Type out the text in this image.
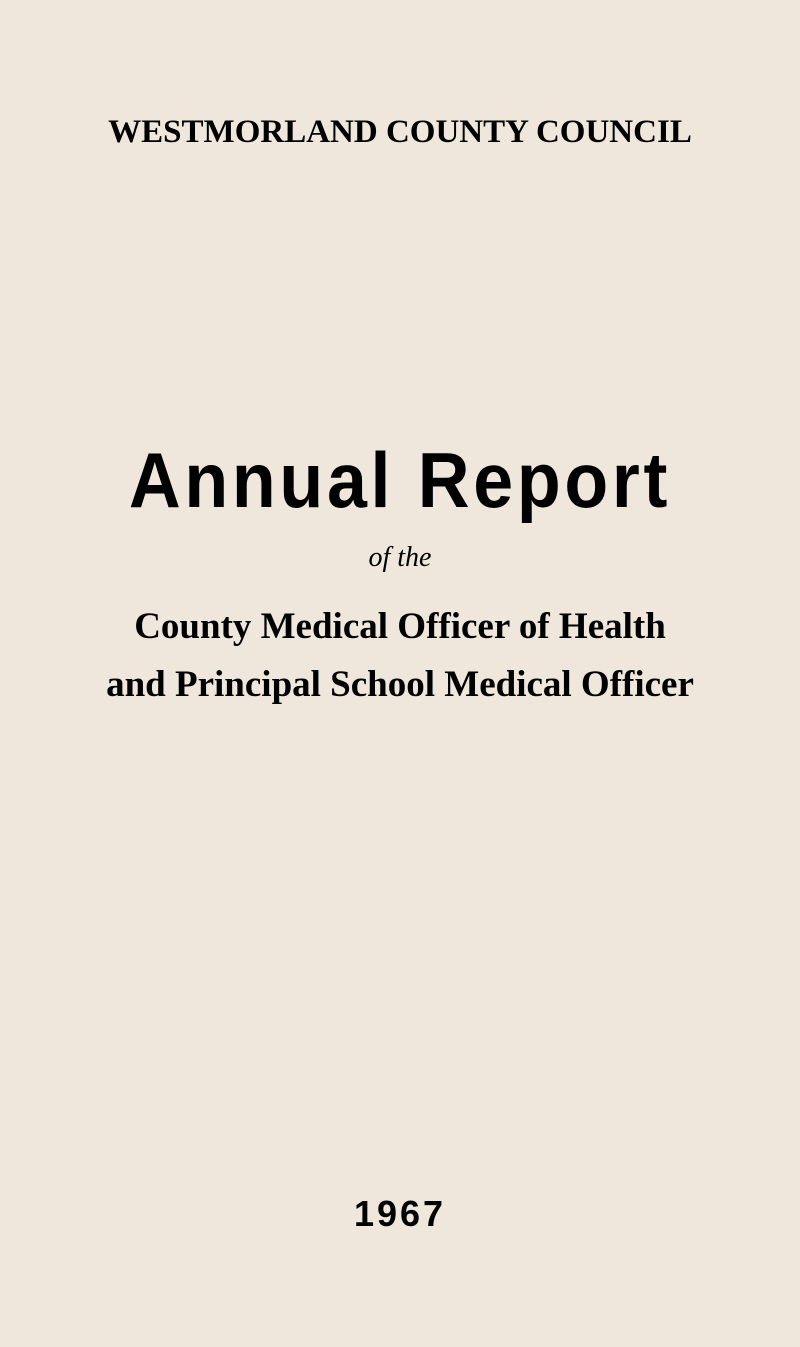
WESTMORLAND COUNTY COUNCIL
Annual Report
of the
County Medical Officer of Health
and Principal School Medical Officer
1967
